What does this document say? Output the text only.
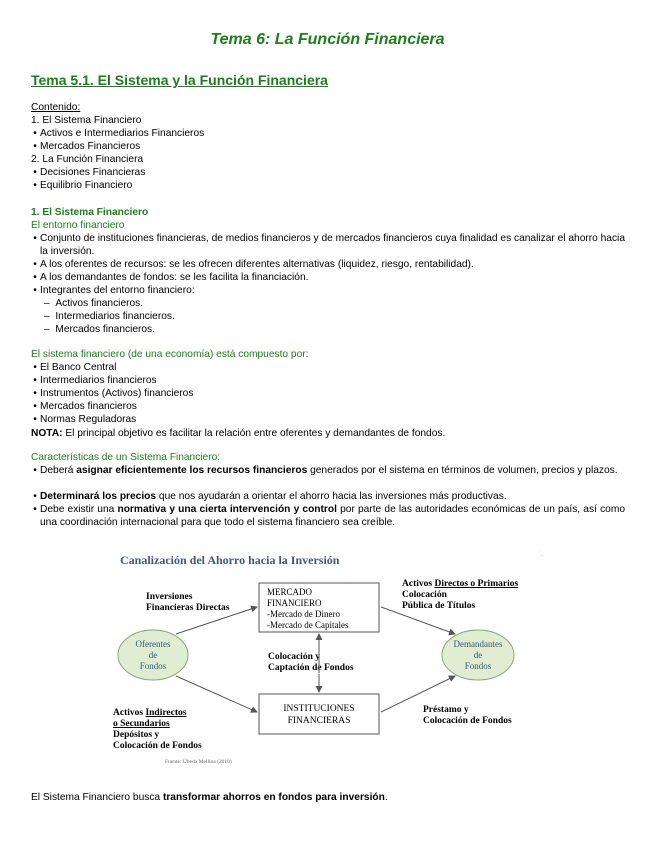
Tema 6: La Función Financiera
Tema 5.1. El Sistema y la Función Financiera
Contenido:
1. El Sistema Financiero
• Activos e Intermediarios Financieros
• Mercados Financieros
2. La Función Financiera
• Decisiones Financieras
• Equilibrio Financiero
1. El Sistema Financiero
El entorno financiero
• Conjunto de instituciones financieras, de medios financieros y de mercados financieros cuya finalidad es canalizar el ahorro hacia la inversión.
• A los oferentes de recursos: se les ofrecen diferentes alternativas (liquidez, riesgo, rentabilidad).
• A los demandantes de fondos: se les facilita la financiación.
• Integrantes del entorno financiero:
–  Activos financieros.
–  Intermediarios financieros.
–  Mercados financieros.
El sistema financiero (de una economía) está compuesto por:
• El Banco Central
• Intermediarios financieros
• Instrumentos (Activos) financieros
• Mercados financieros
• Normas Reguladoras
NOTA: El principal objetivo es facilitar la relación entre oferentes y demandantes de fondos.
Características de un Sistema Financiero:
• Deberá asignar eficientemente los recursos financieros generados por el sistema en términos de volumen, precios y plazos.
• Determinará los precios que nos ayudarán a orientar el ahorro hacia las inversiones más productivas.
• Debe existir una normativa y una cierta intervención y control por parte de las autoridades económicas de un país, así como una coordinación internacional para que todo el sistema financiero sea creíble.
Canalización del Ahorro hacia la Inversión	˙.
Inversiones
Financieras Directas
MERCADO
FINANCIERO
-Mercado de Dinero
-Mercado de Capitales
Activos Directos o Primarios
Colocación
Pública de Títulos
Oferentes
de
Fondos
Demandantes
de
Fondos
Colocación y
Captación de Fondos
INSTITUCIONES
FINANCIERAS
Activos Indirectos
o Secundarios
Depósitos y
Colocación de Fondos
Préstamo y
Colocación de Fondos
Fuente: Úbeda Mellina (2010)
El Sistema Financiero busca transformar ahorros en fondos para inversión.
